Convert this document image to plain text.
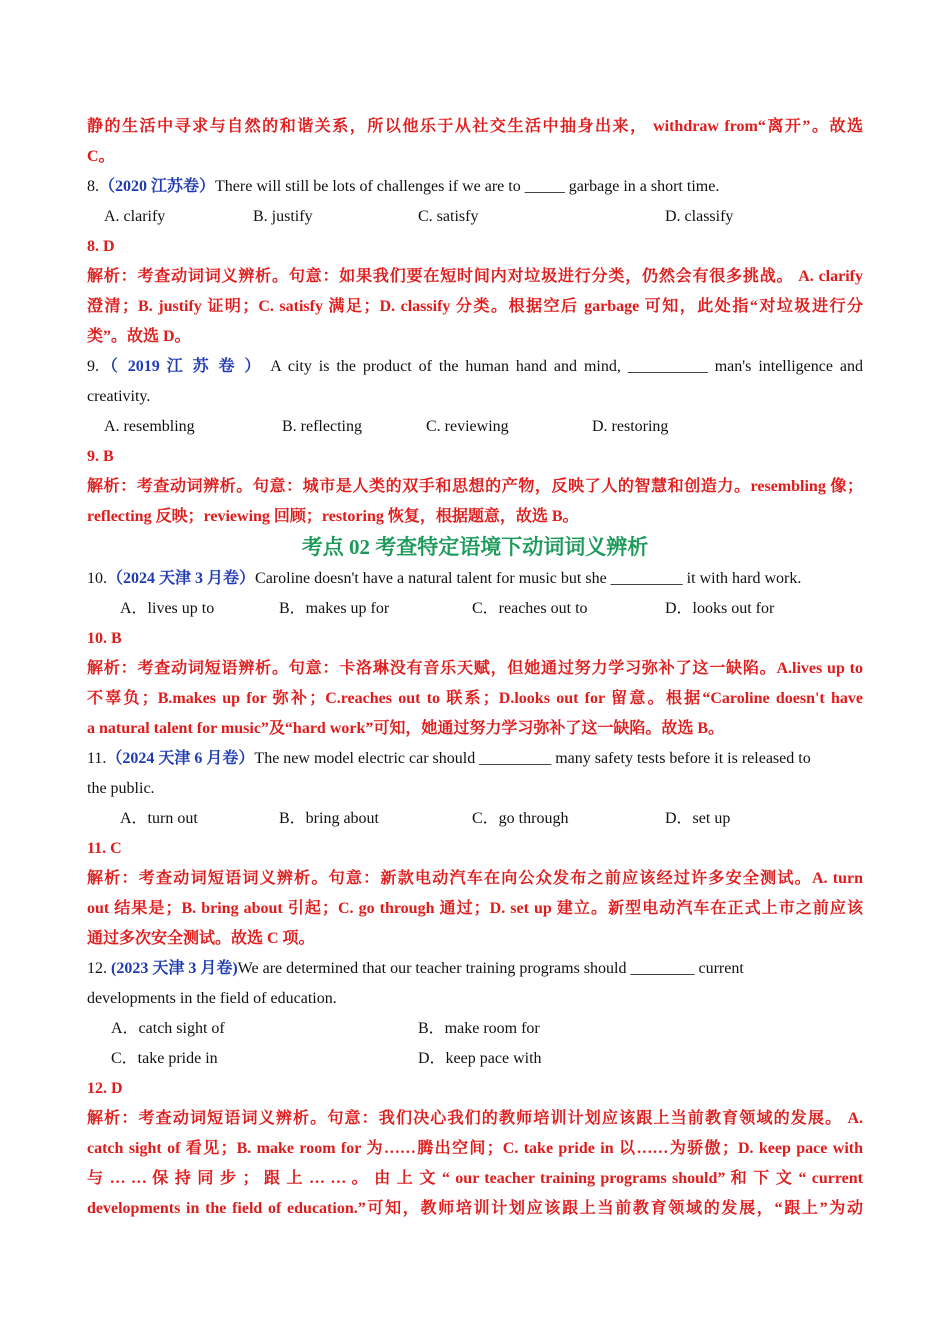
静的生活中寻求与自然的和谐关系，所以他乐于从社交生活中抽身出来， withdraw from“离开”。故选
C。
8.（2020 江苏卷）There will still be lots of challenges if we are to _____ garbage in a short time.
A. clarify	B. justify	C. satisfy	D. classify
8. D
解析：考查动词词义辨析。句意：如果我们要在短时间内对垃圾进行分类，仍然会有很多挑战。 A. clarify
澄清；B. justify 证明；C. satisfy 满足；D. classify 分类。根据空后 garbage 可知，此处指“对垃圾进行分
类”。故选 D。
9.（ 2019 江 苏 卷 ） A city is the product of the human hand and mind, __________ man's intelligence and
creativity.
A. resembling	B. reflecting	C. reviewing	D. restoring
9. B
解析：考查动词辨析。句意：城市是人类的双手和思想的产物，反映了人的智慧和创造力。resembling 像；
reflecting 反映；reviewing 回顾；restoring 恢复，根据题意，故选 B。
考点 02 考查特定语境下动词词义辨析
10.（2024 天津 3 月卷）Caroline doesn't have a natural talent for music but she _________ it with hard work.
A．lives up to	B．makes up for	C．reaches out to	D．looks out for
10. B
解析：考查动词短语辨析。句意：卡洛琳没有音乐天赋，但她通过努力学习弥补了这一缺陷。A.lives up to
不辜负；B.makes up for 弥补；C.reaches out to 联系；D.looks out for 留意。根据“Caroline doesn't have
a natural talent for music”及“hard work”可知，她通过努力学习弥补了这一缺陷。故选 B。
11.（2024 天津 6 月卷）The new model electric car should _________ many safety tests before it is released to
the public.
A．turn out	B．bring about	C．go through	D．set up
11. C
解析：考查动词短语词义辨析。句意：新款电动汽车在向公众发布之前应该经过许多安全测试。A. turn
out 结果是；B. bring about 引起；C. go through 通过；D. set up 建立。新型电动汽车在正式上市之前应该
通过多次安全测试。故选 C 项。
12. (2023 天津 3 月卷)We are determined that our teacher training programs should ________ current
developments in the field of education.
A．catch sight of	B．make room for
C．take pride in	D．keep pace with
12. D
解析：考查动词短语词义辨析。句意：我们决心我们的教师培训计划应该跟上当前教育领域的发展。 A.
catch sight of 看见；B. make room for 为……腾出空间；C. take pride in 以……为骄傲；D. keep pace with
与 … … 保 持 同 步 ； 跟 上 … … 。 由 上 文 “ our teacher training programs should” 和 下 文 “ current
developments in the field of education.”可知，教师培训计划应该跟上当前教育领域的发展，“跟上”为动
